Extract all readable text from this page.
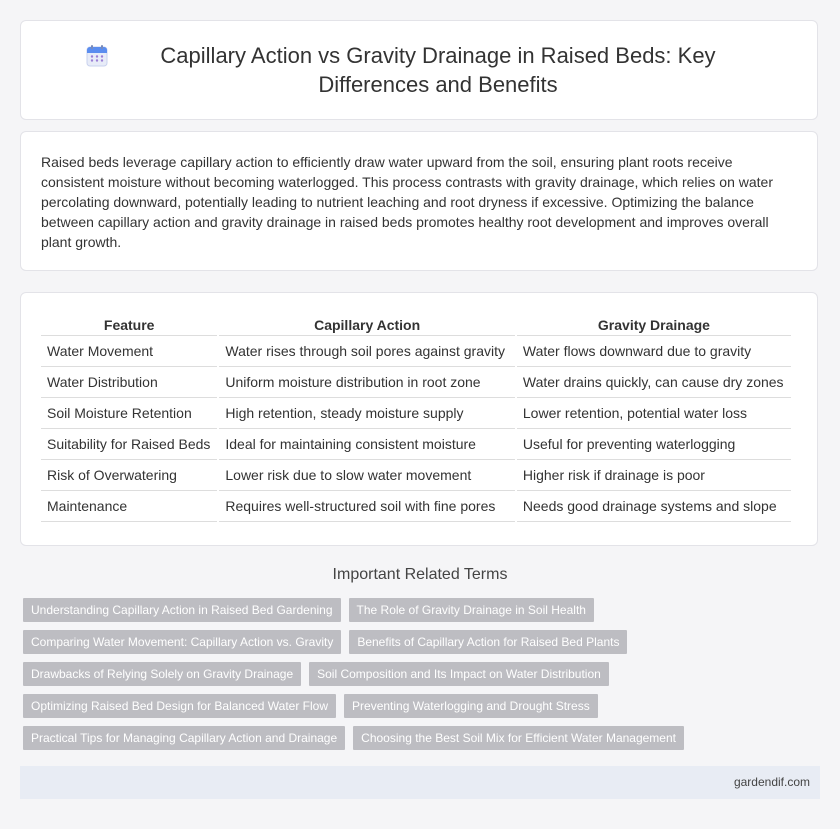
Capillary Action vs Gravity Drainage in Raised Beds: Key Differences and Benefits

Raised beds leverage capillary action to efficiently draw water upward from the soil, ensuring plant roots receive consistent moisture without becoming waterlogged. This process contrasts with gravity drainage, which relies on water percolating downward, potentially leading to nutrient leaching and root dryness if excessive. Optimizing the balance between capillary action and gravity drainage in raised beds promotes healthy root development and improves overall plant growth.

Feature	Capillary Action	Gravity Drainage
Water Movement	Water rises through soil pores against gravity	Water flows downward due to gravity
Water Distribution	Uniform moisture distribution in root zone	Water drains quickly, can cause dry zones
Soil Moisture Retention	High retention, steady moisture supply	Lower retention, potential water loss
Suitability for Raised Beds	Ideal for maintaining consistent moisture	Useful for preventing waterlogging
Risk of Overwatering	Lower risk due to slow water movement	Higher risk if drainage is poor
Maintenance	Requires well-structured soil with fine pores	Needs good drainage systems and slope
Important Related Terms
Understanding Capillary Action in Raised Bed Gardening	The Role of Gravity Drainage in Soil Health
Comparing Water Movement: Capillary Action vs. Gravity	Benefits of Capillary Action for Raised Bed Plants
Drawbacks of Relying Solely on Gravity Drainage	Soil Composition and Its Impact on Water Distribution
Optimizing Raised Bed Design for Balanced Water Flow	Preventing Waterlogging and Drought Stress
Practical Tips for Managing Capillary Action and Drainage	Choosing the Best Soil Mix for Efficient Water Management
gardendif.com
